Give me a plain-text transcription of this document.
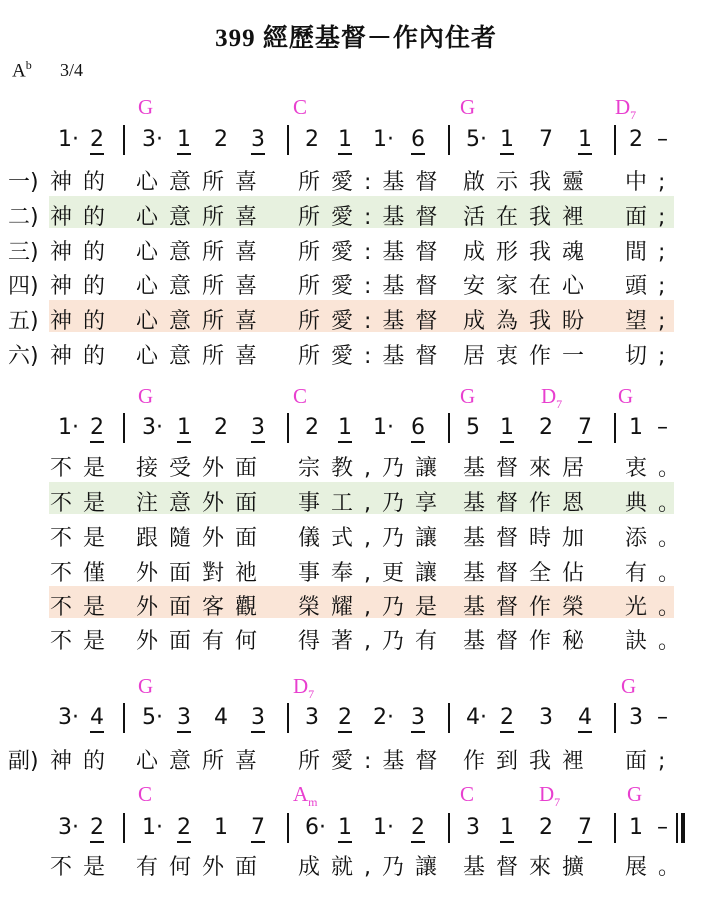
399 經歷基督－作內住者
$A^b$ 3/4
G	C	G	$D_7$
1· 2 3· 1 2 3 2 1 1· 6 5· 1 7 1 2 –
一) 神的 心意所喜 所愛:基督 啟示我靈 中;
二) 神的 心意所喜 所愛:基督 活在我裡 面;
三) 神的 心意所喜 所愛:基督 成形我魂 間;
四) 神的 心意所喜 所愛:基督 安家在心 頭;
五) 神的 心意所喜 所愛:基督 成為我盼 望;
六) 神的 心意所喜 所愛:基督 居衷作一 切;
G	C	G	$D_7$	G
1· 2 3· 1 2 3 2 1 1· 6 5 1 2 7 1 –
不是 接受外面 宗教,乃讓 基督來居 衷。
不是 注意外面 事工,乃享 基督作恩 典。
不是 跟隨外面 儀式,乃讓 基督時加 添。
不僅 外面對祂 事奉,更讓 基督全佔 有。
不是 外面客觀 榮耀,乃是 基督作榮 光。
不是 外面有何 得著,乃有 基督作秘 訣。
G	$D_7$	G
3· 4 5· 3 4 3 3 2 2· 3 4· 2 3 4 3 –
副) 神的 心意所喜 所愛:基督 作到我裡 面;
C	$A_m$	C	$D_7$	G
3· 2 1· 2 1 7 6· 1 1· 2 3 1 2 7 1 –
不是 有何外面 成就,乃讓 基督來擴 展。
